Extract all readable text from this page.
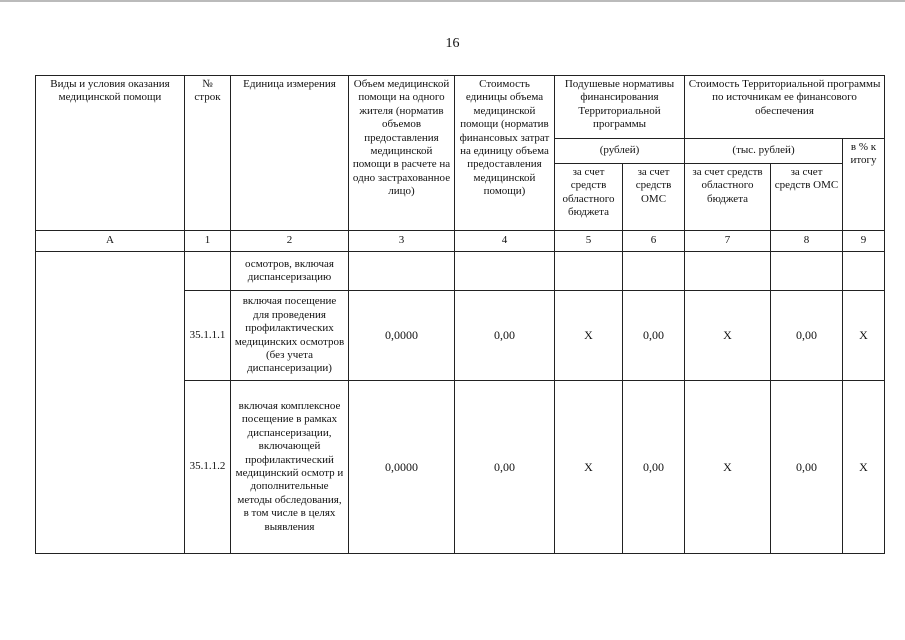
16
Виды и условия оказания медицинской помощи	№ строк	Единица измерения	Объем медицинской помощи на одного жителя (норматив объемов предоставления медицинской помощи в расчете на одно застрахованное лицо)	Стоимость единицы объема медицинской помощи (норматив финансовых затрат на единицу объема предоставления медицинской помощи)	Подушевые нормативы финансирования Территориальной программы		Стоимость Территориальной программы по источникам ее финансового обеспечения		
					(рублей)		(тыс. рублей)		в % к итогу
					за счет средств областного бюджета	за счет средств ОМС	за счет средств областного бюджета	за счет средств ОМС	
А	1	2	3	4	5	6	7	8	9
		осмотров, включая диспансеризацию							
	35.1.1.1	включая посещение для проведения профилактических медицинских осмотров (без учета диспансеризации)	0,0000	0,00	Х	0,00	Х	0,00	Х
	35.1.1.2	включая комплексное посещение в рамках диспансеризации, включающей профилактический медицинский осмотр и дополнительные методы обследования, в том числе в целях выявления	0,0000	0,00	Х	0,00	Х	0,00	Х
